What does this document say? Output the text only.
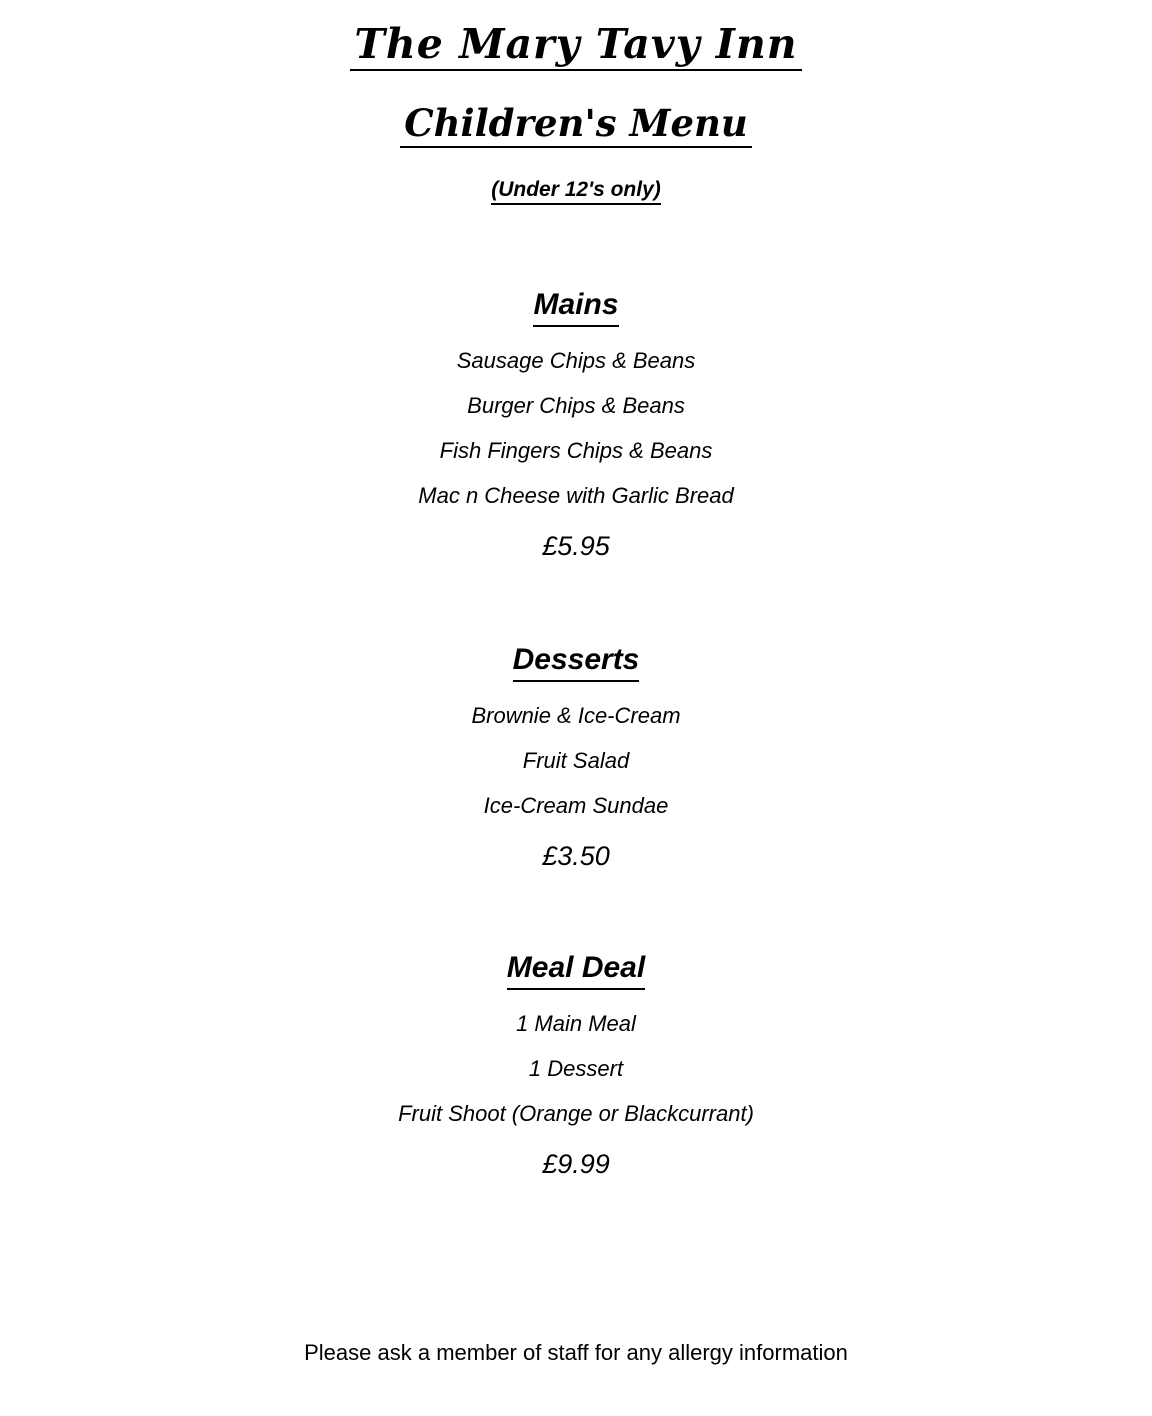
The Mary Tavy Inn
Children's Menu

(Under 12's only)

Mains

Sausage Chips & Beans

Burger Chips & Beans

Fish Fingers Chips & Beans

Mac n Cheese with Garlic Bread

£5.95

Desserts

Brownie & Ice-Cream

Fruit Salad

Ice-Cream Sundae

£3.50

Meal Deal

1 Main Meal

1 Dessert

Fruit Shoot (Orange or Blackcurrant)

£9.99

Please ask a member of staff for any allergy information
